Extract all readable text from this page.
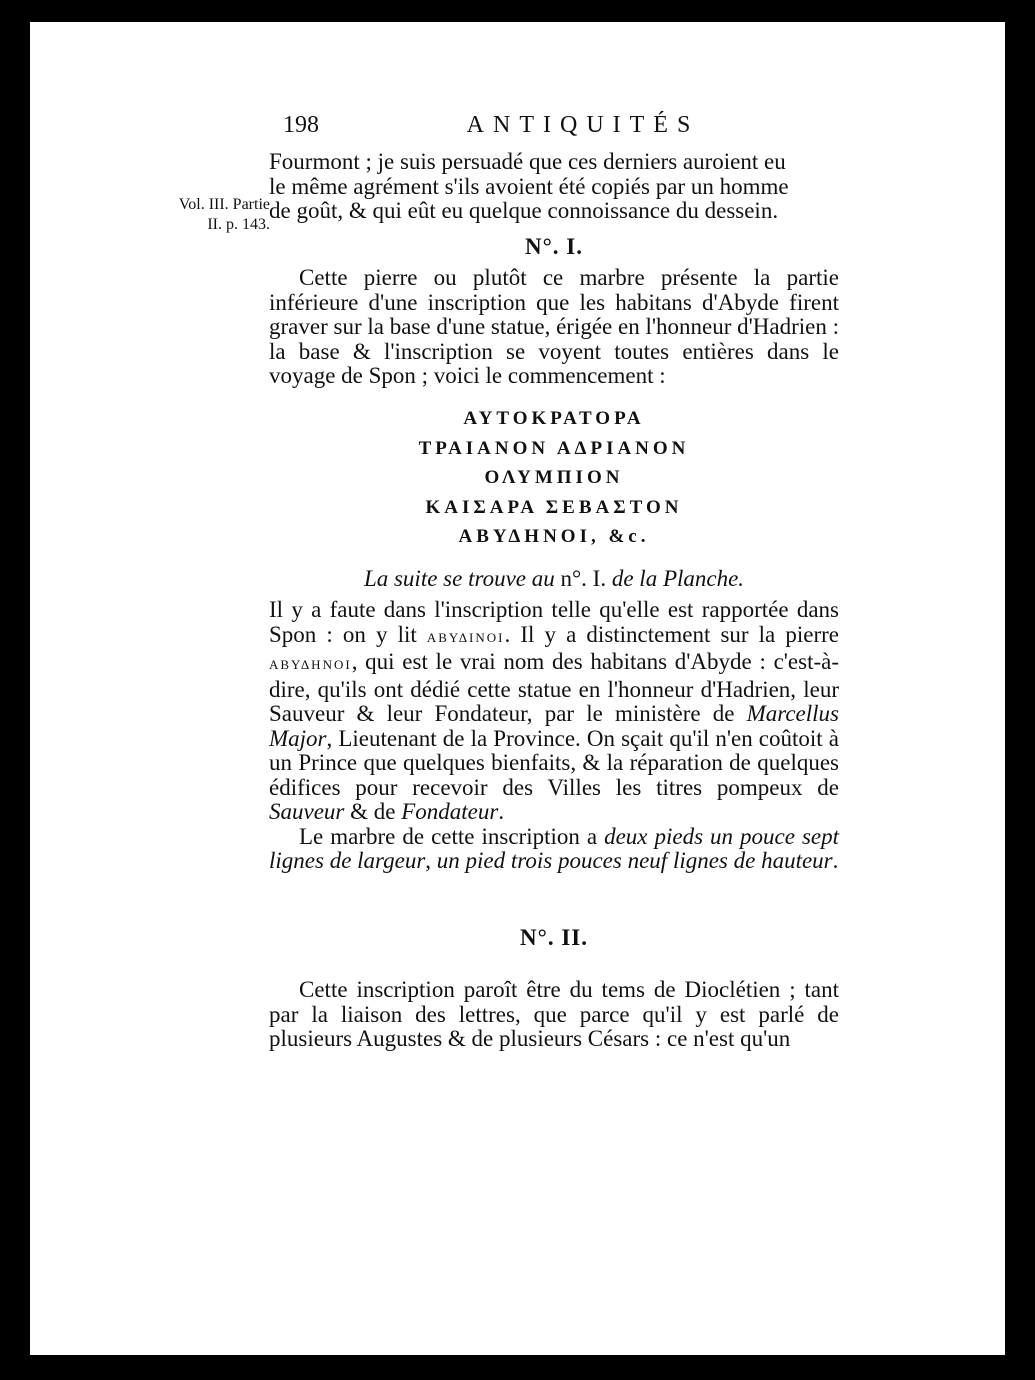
198	ANTIQUITÉS
Vol. III. Partie
II. p. 143.
Fourmont ; je suis persuadé que ces derniers auroient eu
le même agrément s'ils avoient été copiés par un homme
de goût, & qui eût eu quelque connoissance du dessein.
N°. I.

Cette pierre ou plutôt ce marbre présente la partie inférieure d'une inscription que les habitans d'Abyde firent graver sur la base d'une statue, érigée en l'honneur d'Hadrien : la base & l'inscription se voyent toutes entières dans le voyage de Spon ; voici le commencement :

ΑΥΤΟΚΡΑΤΟΡΑ
ΤΡΑΙΑΝΟΝ ΑΔΡΙΑΝΟΝ
ΟΛΥΜΠΙΟΝ
ΚΑΙΣΑΡΑ ΣΕΒΑΣΤΟΝ
ΑΒΥΔΗΝΟΙ, &c.
La suite se trouve au n°. I. de la Planche.

Il y a faute dans l'inscription telle qu'elle est rapportée dans Spon : on y lit ΑΒΥΔΙΝΟΙ. Il y a distinctement sur la pierre ΑΒΥΔΗΝΟΙ, qui est le vrai nom des habitans d'Abyde : c'est-à-dire, qu'ils ont dédié cette statue en l'honneur d'Hadrien, leur Sauveur & leur Fondateur, par le ministère de Marcellus Major, Lieutenant de la Province. On sçait qu'il n'en coûtoit à un Prince que quelques bienfaits, & la réparation de quelques édifices pour recevoir des Villes les titres pompeux de Sauveur & de Fondateur.

Le marbre de cette inscription a deux pieds un pouce sept lignes de largeur, un pied trois pouces neuf lignes de hauteur.

N°. II.

Cette inscription paroît être du tems de Dioclétien ; tant par la liaison des lettres, que parce qu'il y est parlé de plusieurs Augustes & de plusieurs Césars : ce n'est qu'un
